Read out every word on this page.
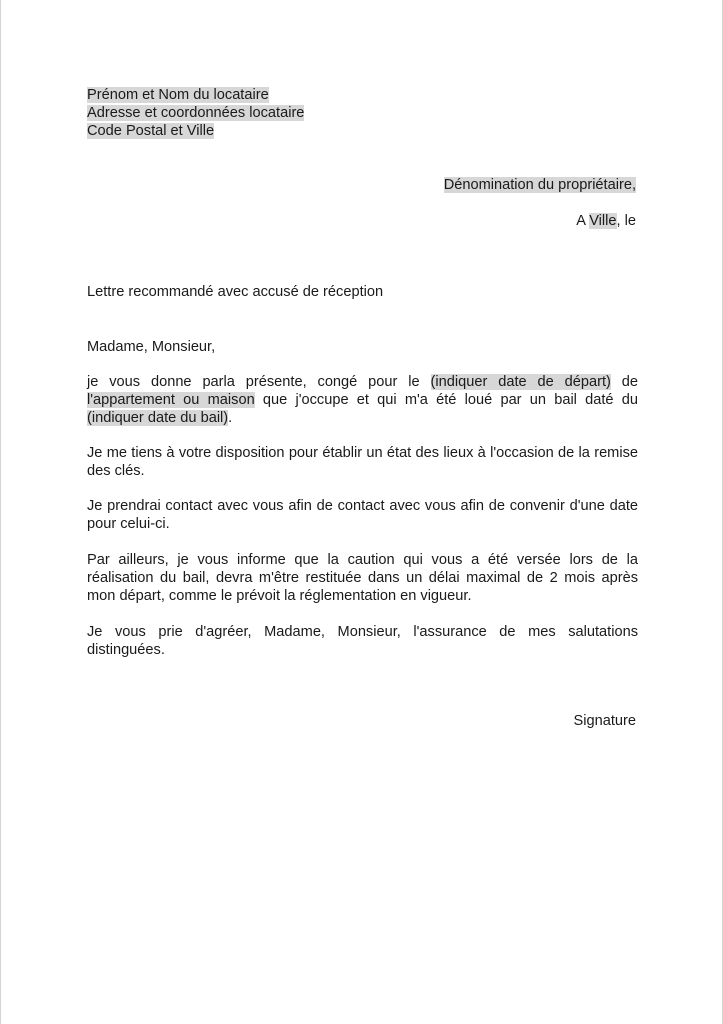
Prénom et Nom du locataire
Adresse et coordonnées locataire
Code Postal et Ville
Dénomination du propriétaire,
A Ville, le
Lettre recommandé avec accusé de réception
Madame, Monsieur,
je vous donne parla présente, congé pour le (indiquer date de départ) de l'appartement ou maison que j'occupe et qui m'a été loué par un bail daté du (indiquer date du bail).
Je me tiens à votre disposition pour établir un état des lieux à l'occasion de la remise des clés.
Je prendrai contact avec vous afin de contact avec vous afin de convenir d'une date pour celui-ci.
Par ailleurs, je vous informe que la caution qui vous a été versée lors de la réalisation du bail, devra m'être restituée dans un délai maximal de 2 mois après mon départ, comme le prévoit la réglementation en vigueur.
Je vous prie d'agréer, Madame, Monsieur, l'assurance de mes salutations distinguées.
Signature
